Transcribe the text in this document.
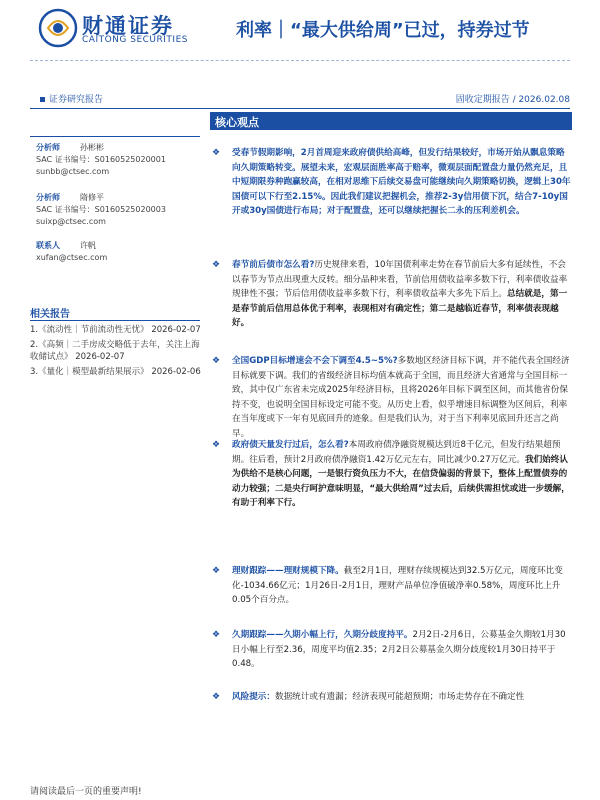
财通证券
CAITONG SECURITIES	利率｜“最大供给周”已过，持券过节
证券研究报告	固收定期报告 / 2026.02.08
分析师	孙彬彬
SAC 证书编号：S0160525020001
sunbb@ctsec.com
分析师	隋修平
SAC 证书编号：S0160525020003
suixp@ctsec.com
联系人	许帆
xufan@ctsec.com
相关报告
1.《流动性｜节前流动性无忧》 2026-02-07
2.《高频｜二手房成交略低于去年，关注上海收储试点》 2026-02-07
3.《量化｜模型最新结果展示》 2026-02-06
核心观点
❖ 受春节假期影响，2月首周迎来政府债供给高峰，但发行结果较好，市场开始从飘息策略向久期策略转变。展望未来，宏观层面胜率高于赔率，微观层面配置盘力量仍然充足，且中短期限券种跑赢较高，在相对思维下后续交易盘可能继续向久期策略切换，逻辑上30年国债可以下行至2.15%。因此我们建议把握机会，推荐2-3y信用债下沉，结合7-10y国开或30y国债进行布局；对于配置盘，还可以继续把握长二永的压利差机会。
❖ 春节前后债市怎么看?历史规律来看，10年国债利率走势在春节前后大多有延续性，不会以春节为节点出现重大反转。细分品种来看，节前信用债收益率多数下行，利率债收益率规律性不强；节后信用债收益率多数下行，利率债收益率大多先下后上。总结就是，第一是春节前后信用总体优于利率，表现相对有确定性；第二是越临近春节，利率债表现越好。
❖ 全国GDP目标增速会不会下调至4.5~5%?多数地区经济目标下调，并不能代表全国经济目标就要下调。我们的省级经济目标均值本就高于全国，而且经济大省通常与全国目标一致，其中仅广东省未完成2025年经济目标，且将2026年目标下调至区间，而其他省份保持不变，也说明全国目标设定可能不变。从历史上看，似乎增速目标调整为区间后，利率在当年度或下一年有见底回升的迹象。但是我们认为，对于当下利率见底回升还言之尚早。
❖ 政府债天量发行过后，怎么看?本周政府债净融资规模达到近8千亿元，但发行结果超预期。往后看，预计2月政府债净融资1.42万亿元左右，同比减少0.27万亿元。我们始终认为供给不是核心问题，一是银行资负压力不大，在信贷偏弱的背景下，整体上配置债券的动力较强；二是央行呵护意味明显，“最大供给周”过去后，后续供需担忧或进一步缓解，有助于利率下行。
❖ 理财跟踪——理财规模下降。截至2月1日，理财存续规模达到32.5万亿元，周度环比变化-1034.66亿元；1月26日-2月1日，理财产品单位净值破净率0.58%，周度环比上升0.05个百分点。
❖ 久期跟踪——久期小幅上行，久期分歧度持平。2月2日-2月6日，公募基金久期较1月30日小幅上行至2.36，周度平均值2.35；2月2日公募基金久期分歧度较1月30日持平于0.48。
❖ 风险提示：数据统计或有遗漏；经济表现可能超预期；市场走势存在不确定性
请阅读最后一页的重要声明!
